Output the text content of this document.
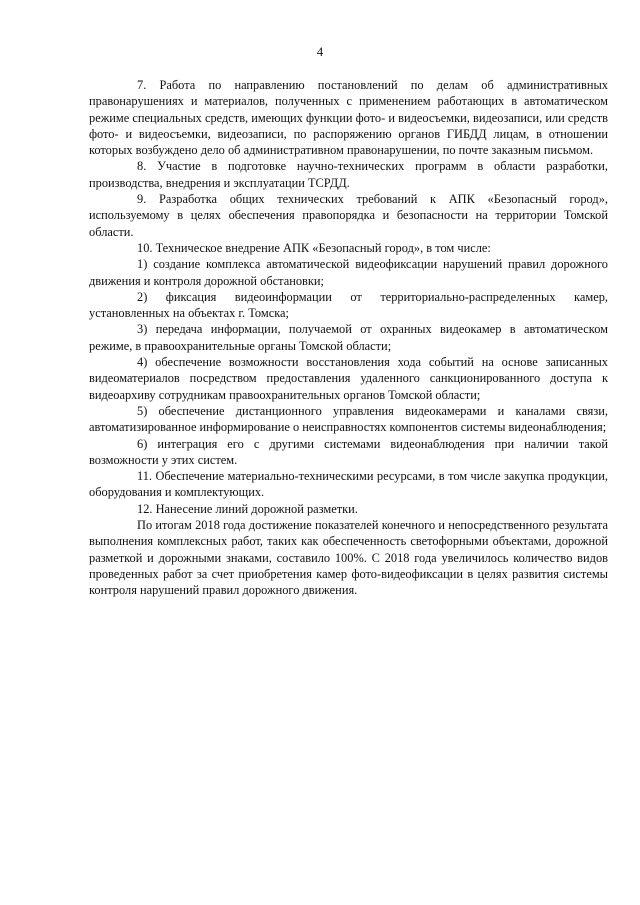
4

7. Работа по направлению постановлений по делам об административных правонарушениях и материалов, полученных с применением работающих в автоматическом режиме специальных средств, имеющих функции фото- и видеосъемки, видеозаписи, или средств фото- и видеосъемки, видеозаписи, по распоряжению органов ГИБДД лицам, в отношении которых возбуждено дело об административном правонарушении, по почте заказным письмом.

8. Участие в подготовке научно-технических программ в области разработки, производства, внедрения и эксплуатации ТСРДД.

9. Разработка общих технических требований к АПК «Безопасный город», используемому в целях обеспечения правопорядка и безопасности на территории Томской области.

10. Техническое внедрение АПК «Безопасный город», в том числе:

1) создание комплекса автоматической видеофиксации нарушений правил дорожного движения и контроля дорожной обстановки;

2) фиксация видеоинформации от территориально-распределенных камер, установленных на объектах г. Томска;

3) передача информации, получаемой от охранных видеокамер в автоматическом режиме, в правоохранительные органы Томской области;

4) обеспечение возможности восстановления хода событий на основе записанных видеоматериалов посредством предоставления удаленного санкционированного доступа к видеоархиву сотрудникам правоохранительных органов Томской области;

5) обеспечение дистанционного управления видеокамерами и каналами связи, автоматизированное информирование о неисправностях компонентов системы видеонаблюдения;

6) интеграция его с другими системами видеонаблюдения при наличии такой возможности у этих систем.

11. Обеспечение материально-техническими ресурсами, в том числе закупка продукции, оборудования и комплектующих.

12. Нанесение линий дорожной разметки.

По итогам 2018 года достижение показателей конечного и непосредственного результата выполнения комплексных работ, таких как обеспеченность светофорными объектами, дорожной разметкой и дорожными знаками, составило 100%. С 2018 года увеличилось количество видов проведенных работ за счет приобретения камер фото-видеофиксации в целях развития системы контроля нарушений правил дорожного движения.
